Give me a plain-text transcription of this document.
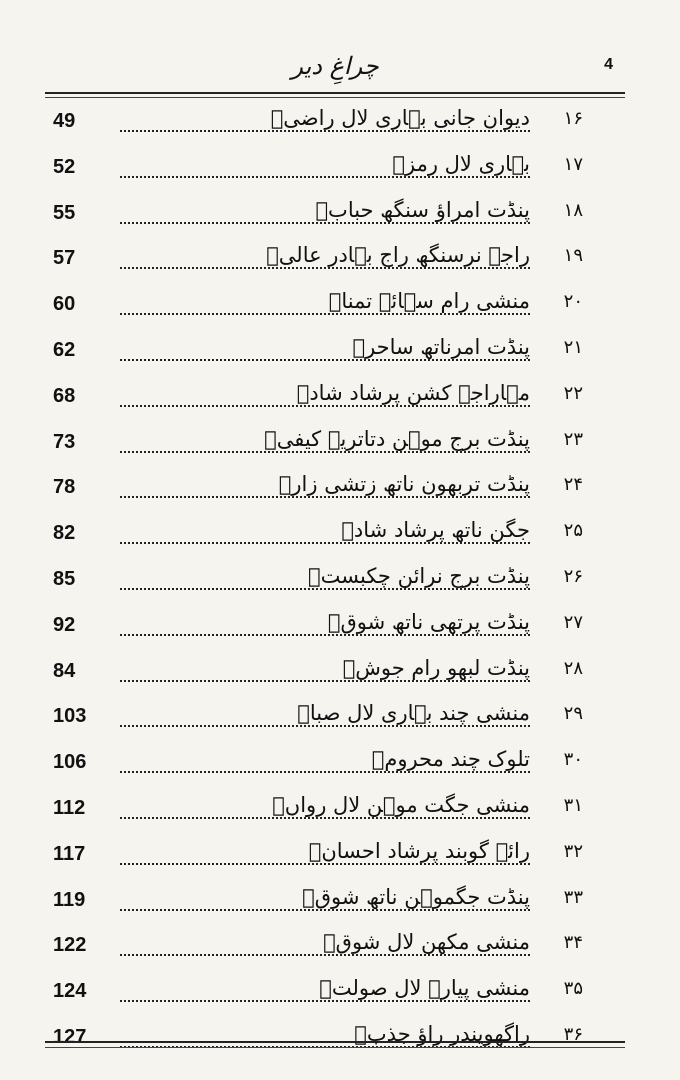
چراغِ دیر	4
49	دیوان جانی بہاری لال راضیؔ	۱۶
52	بہاری لال رمزؔ	۱۷
55	پنڈت امراؤ سنگھ حبابؔ	۱۸
57	راجہ نرسنگھ راج بہادر عالیؔ	۱۹
60	منشی رام سہائے تمناؔ	۲۰
62	پنڈت امرناتھ ساحرؔ	۲۱
68	مہاراجہ کشن پرشاد شادؔ	۲۲
73	پنڈت برج موہن دتاتریہ کیفیؔ	۲۳
78	پنڈت تربھون ناتھ زتشی زارؔ	۲۴
82	جگن ناتھ پرشاد شادؔ	۲۵
85	پنڈت برج نرائن چکبستؔ	۲۶
92	پنڈت پرتھی ناتھ شوقؔ	۲۷
84	پنڈت لبھو رام جوشؔ	۲۸
103	منشی چند بہاری لال صباؔ	۲۹
106	تلوک چند محرومؔ	۳۰
112	منشی جگت موہن لال رواںؔ	۳۱
117	رائے گوبند پرشاد احسانؔ	۳۲
119	پنڈت جگموہن ناتھ شوقؔ	۳۳
122	منشی مکھن لال شوقؔ	۳۴
124	منشی پیارے لال صولتؔ	۳۵
127	راگھویندر راؤ جذبؔ	۳۶
